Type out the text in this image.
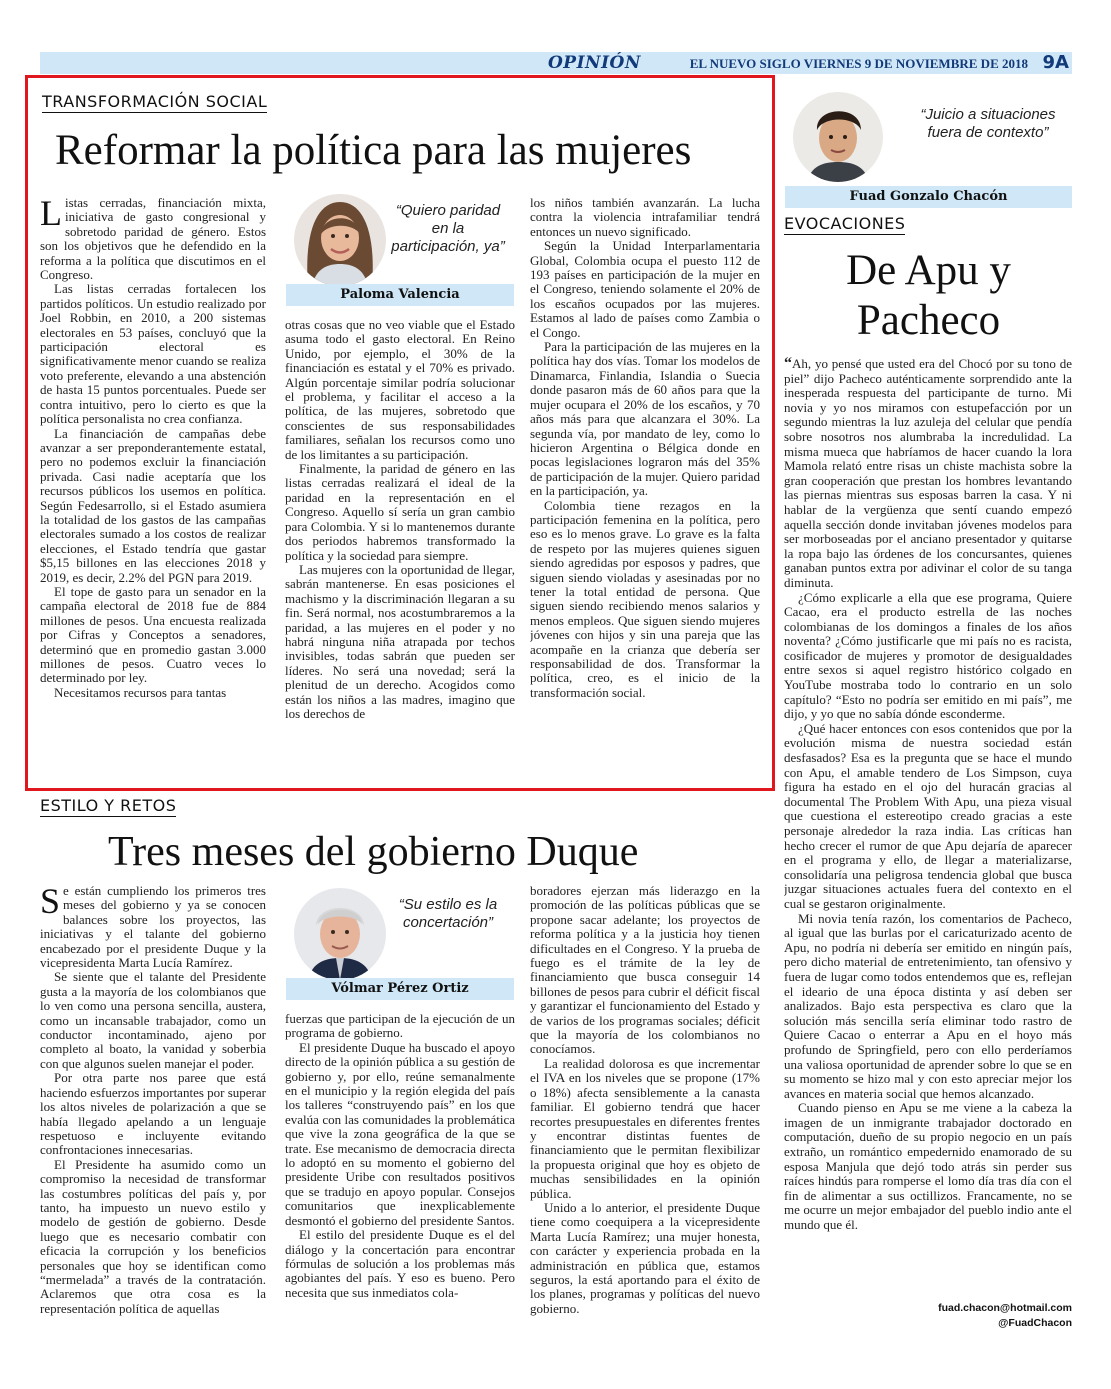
OPINIÓN	EL NUEVO SIGLO VIERNES 9 DE NOVIEMBRE DE 2018 9A
TRANSFORMACIÓN SOCIAL
Reformar la política para las mujeres

Listas cerradas, financiación mixta, iniciativa de gasto congresional y sobretodo paridad de género. Estos son los objetivos que he defendido en la reforma a la política que discutimos en el Congreso.

Las listas cerradas fortalecen los partidos políticos. Un estudio realizado por Joel Robbin, en 2010, a 200 sistemas electorales en 53 países, concluyó que la participación electoral es significativamente menor cuando se realiza voto preferente, elevando a una abstención de hasta 15 puntos porcentuales. Puede ser contra intuitivo, pero lo cierto es que la política personalista no crea confianza.

La financiación de campañas debe avanzar a ser preponderantemente estatal, pero no podemos excluir la financiación privada. Casi nadie aceptaría que los recursos públicos los usemos en política. Según Fedesarrollo, si el Estado asumiera la totalidad de los gastos de las campañas electorales sumado a los costos de realizar elecciones, el Estado tendría que gastar $5,15 billones en las elecciones 2018 y 2019, es decir, 2.2% del PGN para 2019.

El tope de gasto para un senador en la campaña electoral de 2018 fue de 884 millones de pesos. Una encuesta realizada por Cifras y Conceptos a senadores, determinó que en promedio gastan 3.000 millones de pesos. Cuatro veces lo determinado por ley.

Necesitamos recursos para tantas

“Quiero paridad en la participación, ya”
Paloma Valencia

otras cosas que no veo viable que el Estado asuma todo el gasto electoral. En Reino Unido, por ejemplo, el 30% de la financiación es estatal y el 70% es privado. Algún porcentaje similar podría solucionar el problema, y facilitar el acceso a la política, de las mujeres, sobretodo que conscientes de sus responsabilidades familiares, señalan los recursos como uno de los limitantes a su participación.

Finalmente, la paridad de género en las listas cerradas realizará el ideal de la paridad en la representación en el Congreso. Aquello sí sería un gran cambio para Colombia. Y si lo mantenemos durante dos periodos habremos transformado la política y la sociedad para siempre.

Las mujeres con la oportunidad de llegar, sabrán mantenerse. En esas posiciones el machismo y la discriminación llegaran a su fin. Será normal, nos acostumbraremos a la paridad, a las mujeres en el poder y no habrá ninguna niña atrapada por techos invisibles, todas sabrán que pueden ser líderes. No será una novedad; será la plenitud de un derecho. Acogidos como están los niños a las madres, imagino que los derechos de

los niños también avanzarán. La lucha contra la violencia intrafamiliar tendrá entonces un nuevo significado.

Según la Unidad Interparlamentaria Global, Colombia ocupa el puesto 112 de 193 países en participación de la mujer en el Congreso, teniendo solamente el 20% de los escaños ocupados por las mujeres. Estamos al lado de países como Zambia o el Congo.

Para la participación de las mujeres en la política hay dos vías. Tomar los modelos de Dinamarca, Finlandia, Islandia o Suecia donde pasaron más de 60 años para que la mujer ocupara el 20% de los escaños, y 70 años más para que alcanzara el 30%. La segunda vía, por mandato de ley, como lo hicieron Argentina o Bélgica donde en pocas legislaciones lograron más del 35% de participación de la mujer. Quiero paridad en la participación, ya.

Colombia tiene rezagos en la participación femenina en la política, pero eso es lo menos grave. Lo grave es la falta de respeto por las mujeres quienes siguen siendo agredidas por esposos y padres, que siguen siendo violadas y asesinadas por no tener la total entidad de persona. Que siguen siendo recibiendo menos salarios y menos empleos. Que siguen siendo mujeres jóvenes con hijos y sin una pareja que las acompañe en la crianza que debería ser responsabilidad de dos. Transformar la política, creo, es el inicio de la transformación social.

ESTILO Y RETOS
Tres meses del gobierno Duque

Se están cumpliendo los primeros tres meses del gobierno y ya se conocen balances sobre los proyectos, las iniciativas y el talante del gobierno encabezado por el presidente Duque y la vicepresidenta Marta Lucía Ramírez.

Se siente que el talante del Presidente gusta a la mayoría de los colombianos que lo ven como una persona sencilla, austera, como un incansable trabajador, como un conductor incontaminado, ajeno por completo al boato, la vanidad y soberbia con que algunos suelen manejar el poder.

Por otra parte nos paree que está haciendo esfuerzos importantes por superar los altos niveles de polarización a que se había llegado apelando a un lenguaje respetuoso e incluyente evitando confrontaciones innecesarias.

El Presidente ha asumido como un compromiso la necesidad de transformar las costumbres políticas del país y, por tanto, ha impuesto un nuevo estilo y modelo de gestión de gobierno. Desde luego que es necesario combatir con eficacia la corrupción y los beneficios personales que hoy se identifican como “mermelada” a través de la contratación. Aclaremos que otra cosa es la representación política de aquellas

“Su estilo es la concertación”
Vólmar Pérez Ortiz

fuerzas que participan de la ejecución de un programa de gobierno.

El presidente Duque ha buscado el apoyo directo de la opinión pública a su gestión de gobierno y, por ello, reúne semanalmente en el municipio y la región elegida del país los talleres “construyendo país” en los que evalúa con las comunidades la problemática que vive la zona geográfica de la que se trate. Ese mecanismo de democracia directa lo adoptó en su momento el gobierno del presidente Uribe con resultados positivos que se tradujo en apoyo popular. Consejos comunitarios que inexplicablemente desmontó el gobierno del presidente Santos.

El estilo del presidente Duque es el del diálogo y la concertación para encontrar fórmulas de solución a los problemas más agobiantes del país. Y eso es bueno. Pero necesita que sus inmediatos cola-

boradores ejerzan más liderazgo en la promoción de las políticas públicas que se propone sacar adelante; los proyectos de reforma política y a la justicia hoy tienen dificultades en el Congreso. Y la prueba de fuego es el trámite de la ley de financiamiento que busca conseguir 14 billones de pesos para cubrir el déficit fiscal y garantizar el funcionamiento del Estado y de varios de los programas sociales; déficit que la mayoría de los colombianos no conocíamos.

La realidad dolorosa es que incrementar el IVA en los niveles que se propone (17% o 18%) afecta sensiblemente a la canasta familiar. El gobierno tendrá que hacer recortes presupuestales en diferentes frentes y encontrar distintas fuentes de financiamiento que le permitan flexibilizar la propuesta original que hoy es objeto de muchas sensibilidades en la opinión pública.

Unido a lo anterior, el presidente Duque tiene como coequipera a la vicepresidente Marta Lucía Ramírez; una mujer honesta, con carácter y experiencia probada en la administración en pública que, estamos seguros, la está aportando para el éxito de los planes, programas y políticas del nuevo gobierno.

“Juicio a situaciones fuera de contexto”
Fuad Gonzalo Chacón
EVOCACIONES
De Apu y
Pacheco

“Ah, yo pensé que usted era del Chocó por su tono de piel” dijo Pacheco auténticamente sorprendido ante la inesperada respuesta del participante de turno. Mi novia y yo nos miramos con estupefacción por un segundo mientras la luz azuleja del celular que pendía sobre nosotros nos alumbraba la incredulidad. La misma mueca que habríamos de hacer cuando la lora Mamola relató entre risas un chiste machista sobre la gran cooperación que prestan los hombres levantando las piernas mientras sus esposas barren la casa. Y ni hablar de la vergüenza que sentí cuando empezó aquella sección donde invitaban jóvenes modelos para ser morboseadas por el anciano presentador y quitarse la ropa bajo las órdenes de los concursantes, quienes ganaban puntos extra por adivinar el color de su tanga diminuta.

¿Cómo explicarle a ella que ese programa, Quiere Cacao, era el producto estrella de las noches colombianas de los domingos a finales de los años noventa? ¿Cómo justificarle que mi país no es racista, cosificador de mujeres y promotor de desigualdades entre sexos si aquel registro histórico colgado en YouTube mostraba todo lo contrario en un solo capítulo? “Esto no podría ser emitido en mi país”, me dijo, y yo que no sabía dónde esconderme.

¿Qué hacer entonces con esos contenidos que por la evolución misma de nuestra sociedad están desfasados? Esa es la pregunta que se hace el mundo con Apu, el amable tendero de Los Simpson, cuya figura ha estado en el ojo del huracán gracias al documental The Problem With Apu, una pieza visual que cuestiona el estereotipo creado gracias a este personaje alrededor la raza india. Las críticas han hecho crecer el rumor de que Apu dejaría de aparecer en el programa y ello, de llegar a materializarse, consolidaría una peligrosa tendencia global que busca juzgar situaciones actuales fuera del contexto en el cual se gestaron originalmente.

Mi novia tenía razón, los comentarios de Pacheco, al igual que las burlas por el caricaturizado acento de Apu, no podría ni debería ser emitido en ningún país, pero dicho material de entretenimiento, tan ofensivo y fuera de lugar como todos entendemos que es, reflejan el ideario de una época distinta y así deben ser analizados. Bajo esta perspectiva es claro que la solución más sencilla sería eliminar todo rastro de Quiere Cacao o enterrar a Apu en el hoyo más profundo de Springfield, pero con ello perderíamos una valiosa oportunidad de aprender sobre lo que se en su momento se hizo mal y con esto apreciar mejor los avances en materia social que hemos alcanzado.

Cuando pienso en Apu se me viene a la cabeza la imagen de un inmigrante trabajador doctorado en computación, dueño de su propio negocio en un país extraño, un romántico empedernido enamorado de su esposa Manjula que dejó todo atrás sin perder sus raíces hindús para romperse el lomo día tras día con el fin de alimentar a sus octillizos. Francamente, no se me ocurre un mejor embajador del pueblo indio ante el mundo que él.

fuad.chacon@hotmail.com
@FuadChacon
